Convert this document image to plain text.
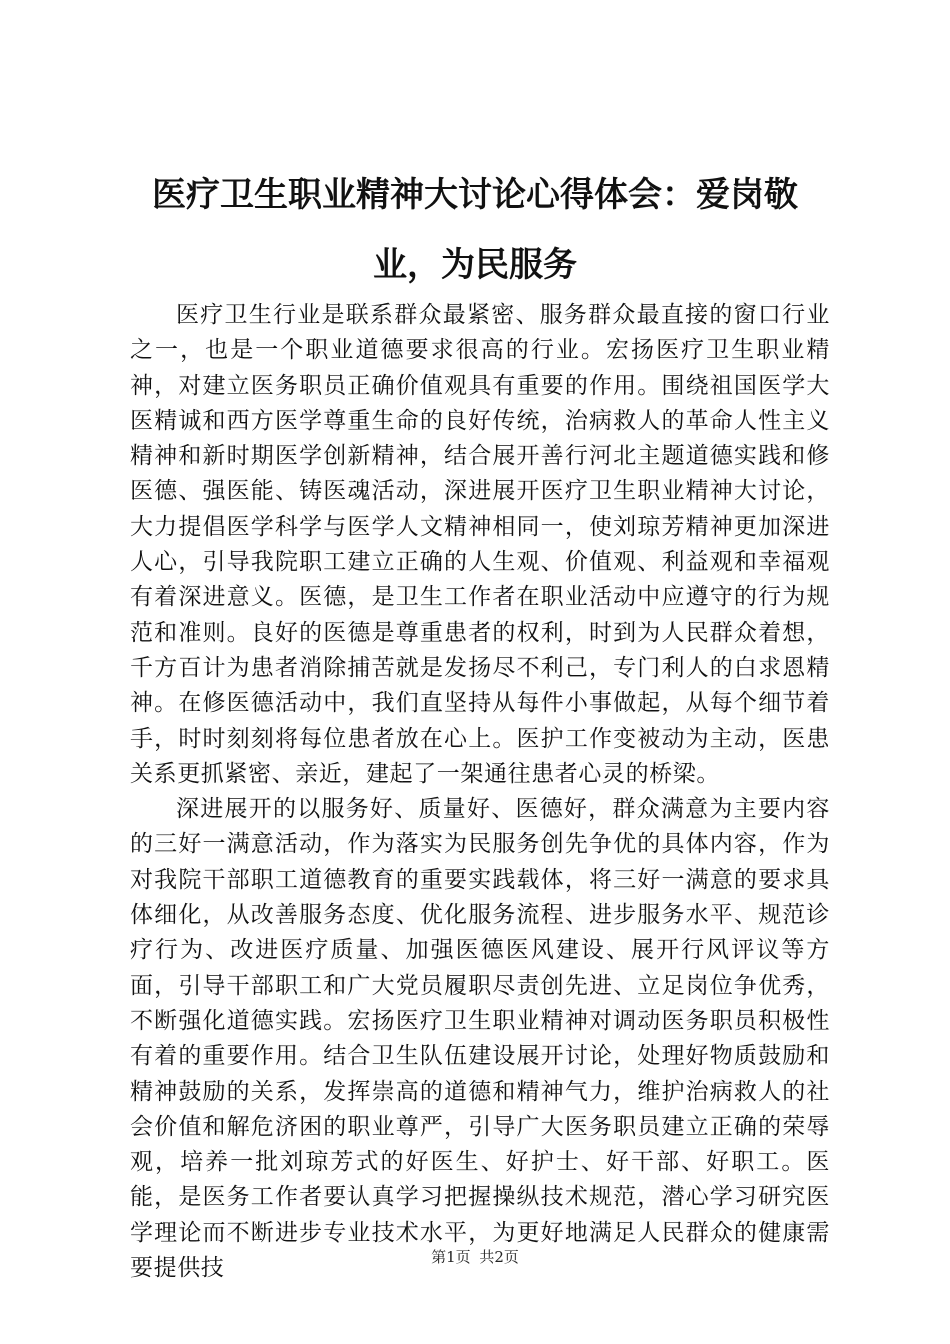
医疗卫生职业精神大讨论心得体会：爱岗敬业，为民服务

医疗卫生行业是联系群众最紧密、服务群众最直接的窗口行业之一，也是一个职业道德要求很高的行业。宏扬医疗卫生职业精神，对建立医务职员正确价值观具有重要的作用。围绕祖国医学大医精诚和西方医学尊重生命的良好传统，治病救人的革命人性主义精神和新时期医学创新精神，结合展开善行河北主题道德实践和修医德、强医能、铸医魂活动，深进展开医疗卫生职业精神大讨论，大力提倡医学科学与医学人文精神相同一，使刘琼芳精神更加深进人心，引导我院职工建立正确的人生观、价值观、利益观和幸福观有着深进意义。医德，是卫生工作者在职业活动中应遵守的行为规范和准则。良好的医德是尊重患者的权利，时到为人民群众着想，千方百计为患者消除捕苦就是发扬尽不利己，专门利人的白求恩精神。在修医德活动中，我们直坚持从每件小事做起，从每个细节着手，时时刻刻将每位患者放在心上。医护工作变被动为主动，医患关系更抓紧密、亲近，建起了一架通往患者心灵的桥梁。

深进展开的以服务好、质量好、医德好，群众满意为主要内容的三好一满意活动，作为落实为民服务创先争优的具体内容，作为对我院干部职工道德教育的重要实践载体，将三好一满意的要求具体细化，从改善服务态度、优化服务流程、进步服务水平、规范诊疗行为、改进医疗质量、加强医德医风建设、展开行风评议等方面，引导干部职工和广大党员履职尽责创先进、立足岗位争优秀，不断强化道德实践。宏扬医疗卫生职业精神对调动医务职员积极性有着的重要作用。结合卫生队伍建设展开讨论，处理好物质鼓励和精神鼓励的关系，发挥崇高的道德和精神气力，维护治病救人的社会价值和解危济困的职业尊严，引导广大医务职员建立正确的荣辱观，培养一批刘琼芳式的好医生、好护士、好干部、好职工。医能，是医务工作者要认真学习把握操纵技术规范，潜心学习研究医学理论而不断进步专业技术水平，为更好地满足人民群众的健康需要提供技	第1页 共2页
